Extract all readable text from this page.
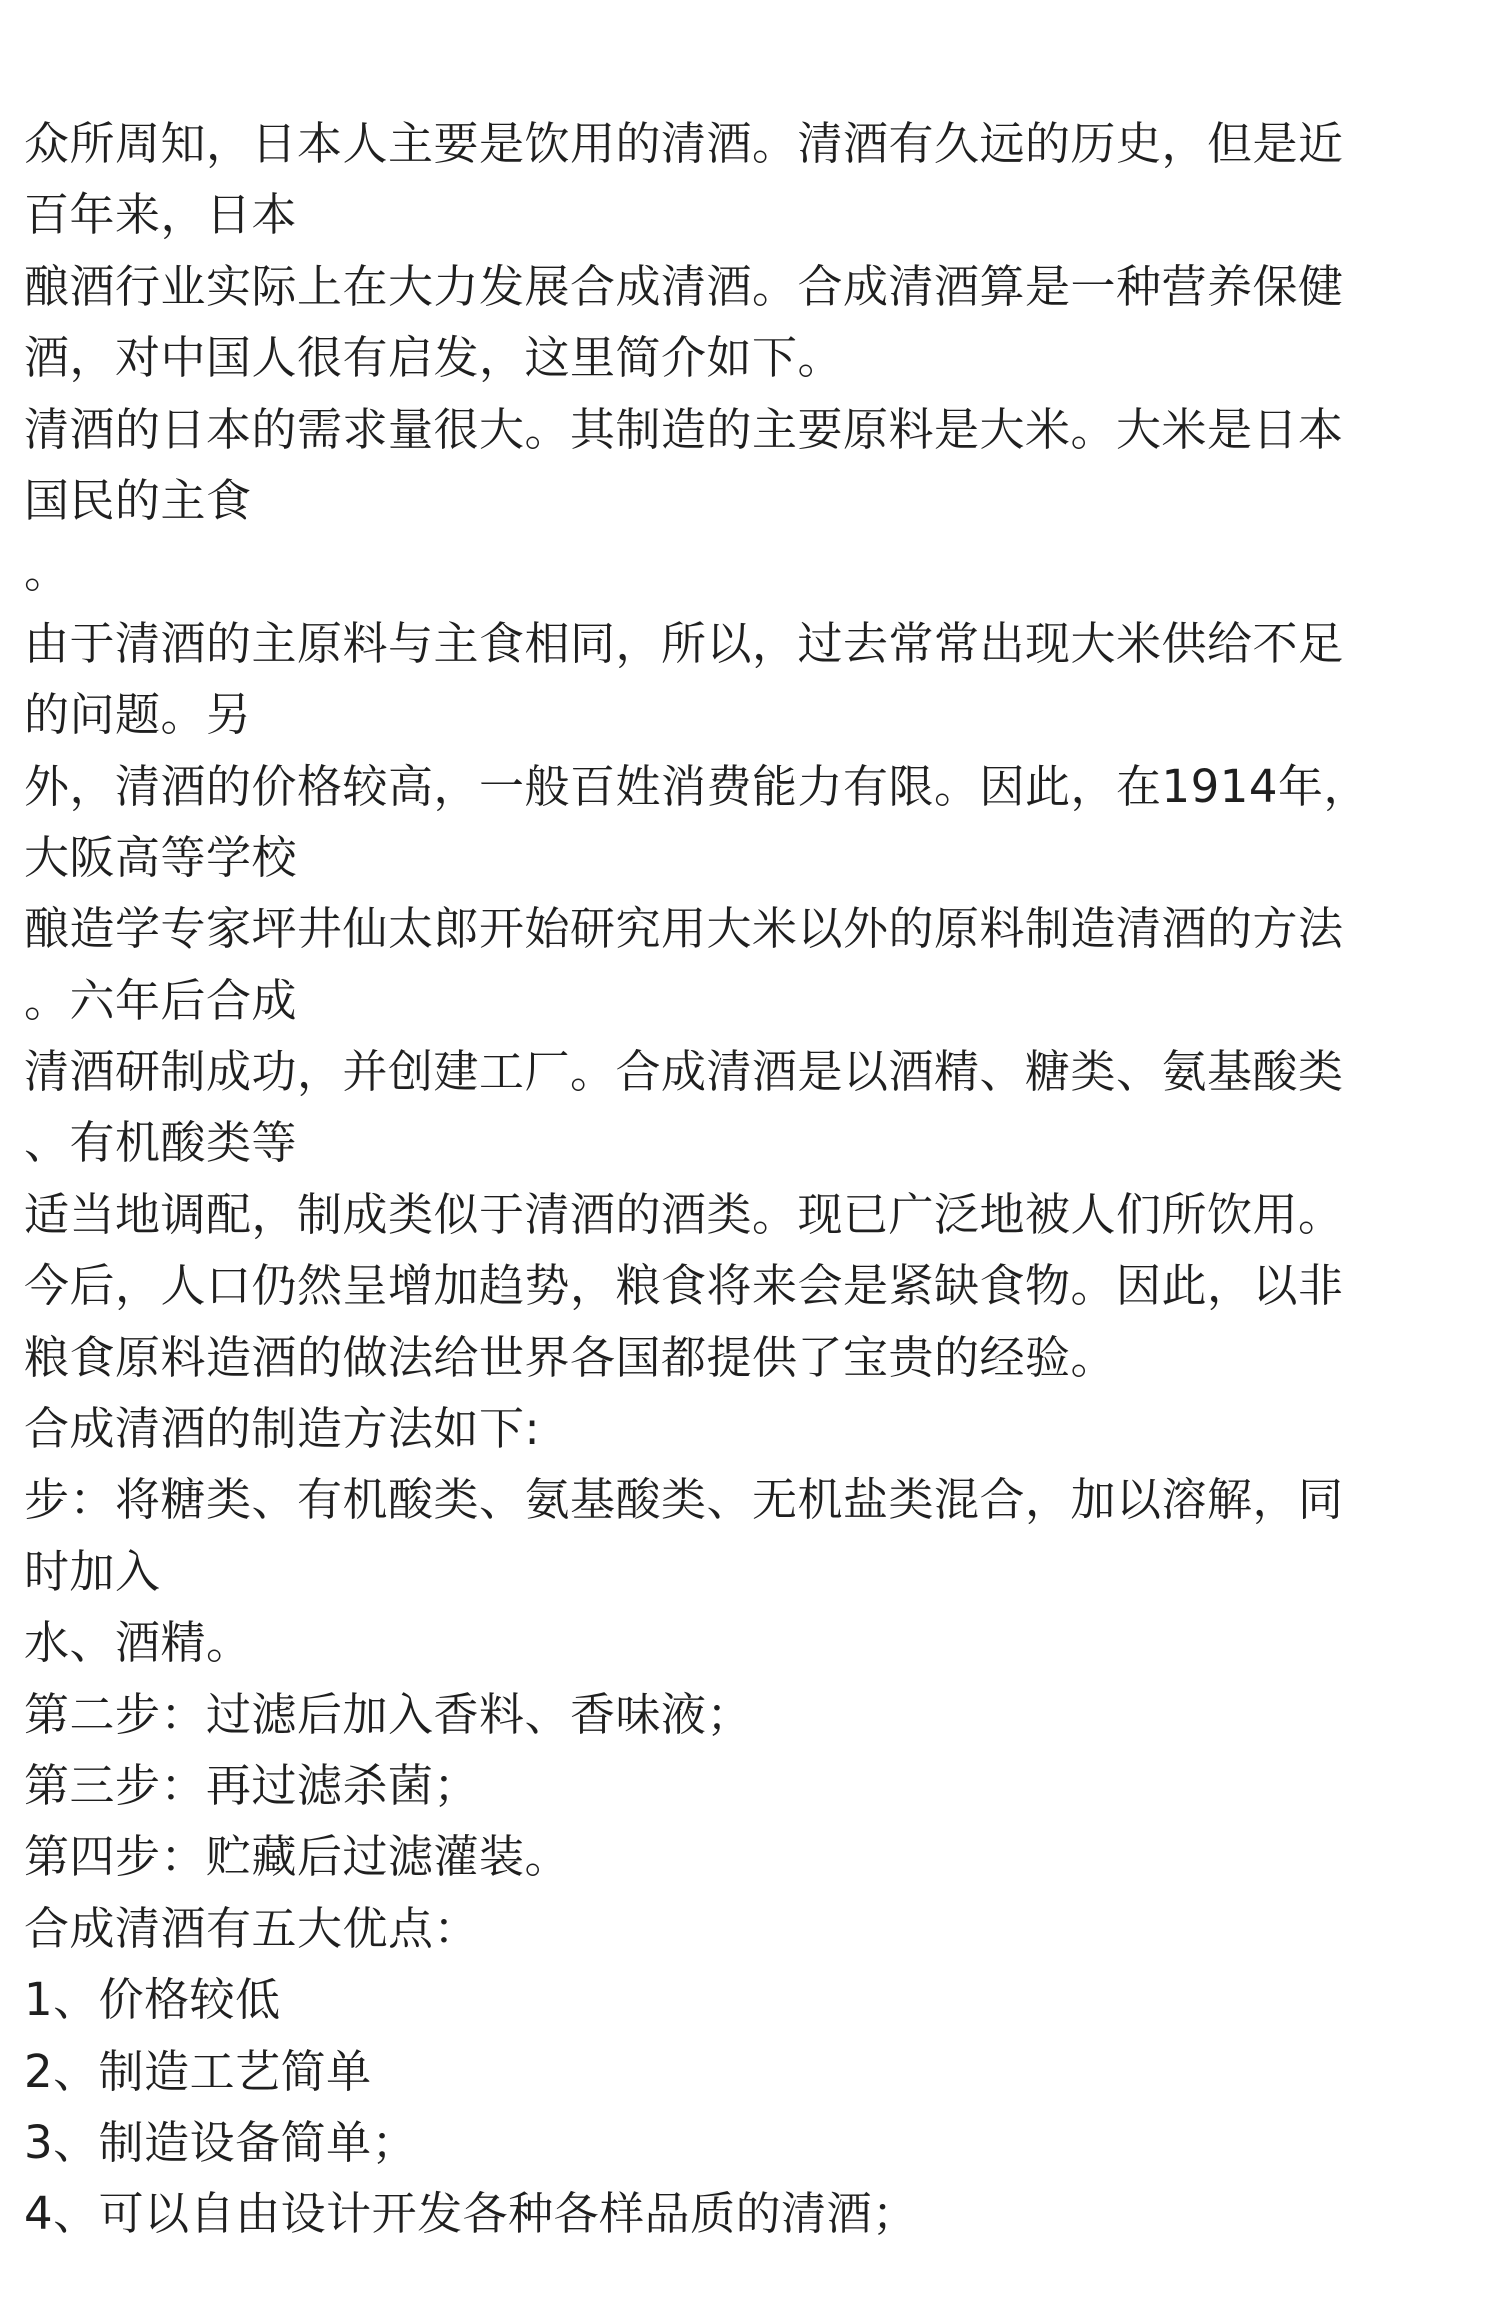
众所周知，日本人主要是饮用的清酒。清酒有久远的历史，但是近
百年来，日本
酿酒行业实际上在大力发展合成清酒。合成清酒算是一种营养保健
酒，对中国人很有启发，这里简介如下。
清酒的日本的需求量很大。其制造的主要原料是大米。大米是日本
国民的主食
。
由于清酒的主原料与主食相同，所以，过去常常出现大米供给不足
的问题。另
外，清酒的价格较高，一般百姓消费能力有限。因此，在1914年，
大阪高等学校
酿造学专家坪井仙太郎开始研究用大米以外的原料制造清酒的方法
。六年后合成
清酒研制成功，并创建工厂。合成清酒是以酒精、糖类、氨基酸类
、有机酸类等
适当地调配，制成类似于清酒的酒类。现已广泛地被人们所饮用。
今后，人口仍然呈增加趋势，粮食将来会是紧缺食物。因此，以非
粮食原料造酒的做法给世界各国都提供了宝贵的经验。
合成清酒的制造方法如下:
步：将糖类、有机酸类、氨基酸类、无机盐类混合，加以溶解，同
时加入
水、酒精。
第二步：过滤后加入香料、香味液；
第三步：再过滤杀菌；
第四步：贮藏后过滤灌装。
合成清酒有五大优点：
1、价格较低
2、制造工艺简单
3、制造设备简单；
4、可以自由设计开发各种各样品质的清酒；
